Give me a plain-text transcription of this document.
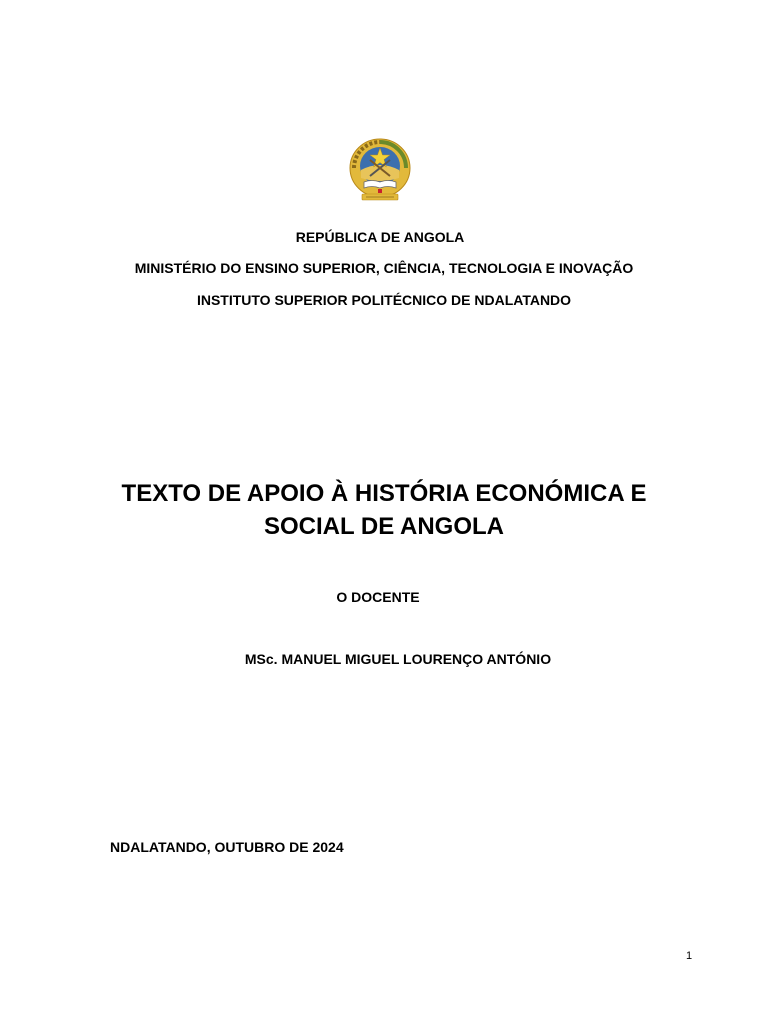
REPÚBLICA DE ANGOLA
MINISTÉRIO DO ENSINO SUPERIOR, CIÊNCIA, TECNOLOGIA E INOVAÇÃO
INSTITUTO SUPERIOR POLITÉCNICO DE NDALATANDO
TEXTO DE APOIO À HISTÓRIA ECONÓMICA E
SOCIAL DE ANGOLA
O DOCENTE
MSc. MANUEL MIGUEL LOURENÇO ANTÓNIO
NDALATANDO, OUTUBRO DE 2024
1
